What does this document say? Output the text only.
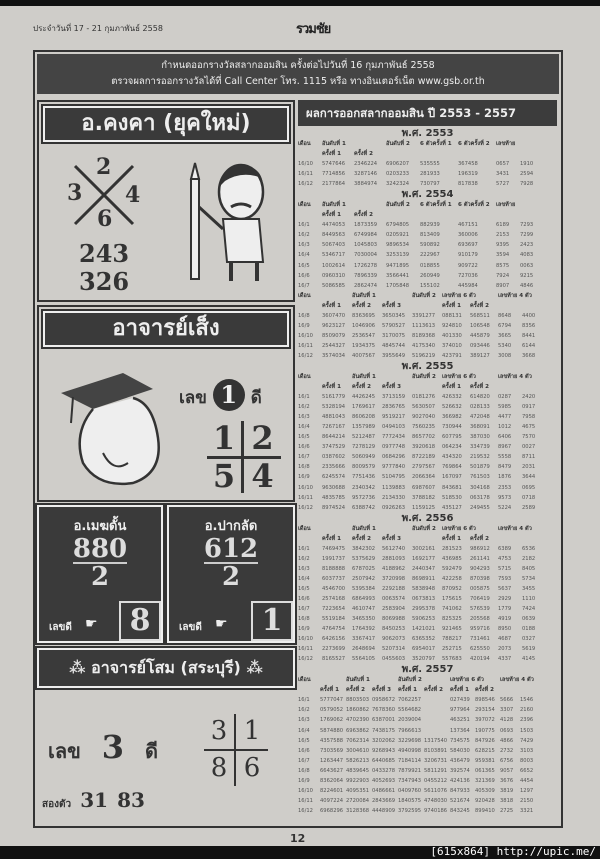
ประจำวันที่ 17 - 21 กุมภาพันธ์ 2558	รวมชัย
กำหนดออกรางวัลสลากออมสิน ครั้งต่อไปวันที่ 16 กุมภาพันธ์ 2558
ตรวจผลการออกรางวัลได้ที่ Call Center โทร. 1115 หรือ ทางอินเตอร์เน็ต www.gsb.or.th
อ.คงคา (ยุคใหม่)
2
3 4
6
243
326
อาจารย์เส็ง
เลข 1 ดี
1 2
5 4
อ.เมฆดั้น
880
2
เลขดี ☛	8
อ.ปากลัด
612
2
เลขดี ☛	1
⁂ อาจารย์โสม (สระบุรี) ⁂
เลข 3 ดี
สองตัว 31 83
3 1
8 6
ผลการออกสลากออมสิน ปี 2553 - 2557
พ.ศ. 2553
เดือน	อันดับที่ 1	อันดับที่ 2	6 ตัวครั้งที่ 1	6 ตัวครั้งที่ 2	เลขท้าย
ครั้งที่ 1	ครั้งที่ 2
16/10	5747646	2346224	6906207	535555	367458	0657	1910
16/11	7714856	3287146	0203233	281933	196319	3431	2594
16/12	2177864	3884974	3242324	730797	817838	5727	7928
พ.ศ. 2554
เดือน	อันดับที่ 1	อันดับที่ 2	6 ตัวครั้งที่ 1	6 ตัวครั้งที่ 2	เลขท้าย
ครั้งที่ 1	ครั้งที่ 2
16/1	4474053	1873359	6794805	882939	467151	6189	7293
16/2	8449563	6749984	0205921	813409	360006	2153	7299
16/3	5067403	1045803	9896534	590892	693697	9395	2423
16/4	5346717	7030004	3253139	222967	910179	3594	4083
16/5	1002614	1726278	9471895	018855	909722	8575	0063
16/6	0960310	7896339	3566441	260949	727036	7924	9215
16/7	5086585	2862474	1705848	155102	445984	8907	4846
เดือน	อันดับที่ 1	อันดับที่ 2	เลขท้าย 6 ตัว	เลขท้าย 4 ตัว
ครั้งที่ 1	ครั้งที่ 2	ครั้งที่ 3	ครั้งที่ 1	ครั้งที่ 2
16/8	3607470	8363695	3650345	3391277	088131	568511	8648	4400
16/9	9623127	1046906	5790527	1113613	924810	106548	6794	8356
16/10	8509079	2536547	3170075	8189368	401330	445879	3665	8441
16/11	2544327	1934375	4845744	4175340	374010	093446	5340	6144
16/12	3574034	4007567	3955649	5196219	423791	389127	3008	3668
พ.ศ. 2555
เดือน	อันดับที่ 1	อันดับที่ 2	เลขท้าย 6 ตัว	เลขท้าย 4 ตัว
ครั้งที่ 1	ครั้งที่ 2	ครั้งที่ 3	ครั้งที่ 1	ครั้งที่ 2
16/1	5161779	4426245	3713159	0181276	426332	614820	0287	2420
16/2	5328194	1769617	2836765	5630507	526632	028133	5985	0917
16/3	4881043	8606208	9519217	9027040	366982	472048	4477	7958
16/4	7267167	1357989	0494103	7560235	730944	368091	1012	4675
16/5	8644214	5212487	7772434	8657702	607795	387030	6406	7570
16/6	3747529	7278129	0977748	3920618	064234	334739	8967	0027
16/7	0387602	5060949	0684296	8722189	434320	219532	5558	8711
16/8	2335666	8009579	9777840	2797567	769864	501879	8479	2031
16/9	6245574	7751436	5104795	2066364	167097	761503	1876	3644
16/10	9630688	2340342	1139883	6987607	843681	304168	2353	0695
16/11	4835785	9572736	2134330	3788182	518530	063178	9573	0718
16/12	8974524	6388742	0926263	1159125	435127	249455	5224	2589
พ.ศ. 2556
เดือน	อันดับที่ 1	อันดับที่ 2	เลขท้าย 6 ตัว	เลขท้าย 4 ตัว
ครั้งที่ 1	ครั้งที่ 2	ครั้งที่ 3	ครั้งที่ 1	ครั้งที่ 2
16/1	7469475	3842302	5612740	3002161	281523	986912	6389	6536
16/2	1991737	5375629	2881093	1692177	436985	261141	4753	2182
16/3	8188888	6787025	4188962	2440347	592479	904293	5715	8405
16/4	6037737	2507942	3720998	8698911	422258	870398	7593	5734
16/5	4546700	5395384	2292188	5838948	870952	005875	5637	3455
16/6	2574168	6864993	0063574	0673813	175615	706419	2929	1110
16/7	7223654	4610747	2583904	2995378	741062	576539	1779	7424
16/8	5519184	3465350	8069988	5906253	825325	205568	4919	0639
16/9	4764754	1764392	8450253	1421021	921465	959716	8950	0188
16/10	6426156	3367417	9062073	6365352	788217	731461	4687	0327
16/11	2273699	2648694	5207314	6954017	252715	625550	2073	5619
16/12	8165527	5564105	0455603	3520797	557683	420194	4337	4145
พ.ศ. 2557
เดือน	อันดับที่ 1	อันดับที่ 2	เลขท้าย 6 ตัว	เลขท้าย 4 ตัว
ครั้งที่ 1	ครั้งที่ 2	ครั้งที่ 3	ครั้งที่ 1	ครั้งที่ 2	ครั้งที่ 1	ครั้งที่ 2
16/1	5777047 8803503 0958672 7062257	027439 898546 5666	1546
16/2	0579052 1860862 7678360 5564682	977964 293154 3307	2160
16/3	1769062 4702390 6387001 2039004	463251 397072 4128	2396
16/4	5874880 6963862 7438175 7966613	137364 190775 0693	1503
16/5	4357588 7062314 3202062 3229698 1317540 734575 847926 4866	7429
16/6	7303569 3004610 9268943 4940998 8103891 584030 628215 2732	3103
16/7	1263447 5826213 6440685 7184114 3206731 436479 959381 6756	8003
16/8	6643627 4839645 0433278 7879921 5811291 392574 061365 9057	6652
16/9	8362064 9922903 4052693 7347943 0455212 424136 321369 3676	4454
16/10	8224601 4095351 0486661 0409760 5611076 847933 405309 3819	1297
16/11	4097224 2720084 2843669 1840575 4748030 521674 920428 3818	2150
16/12	6968296 3128368 4448909 3792595 9740186 843245 899410 2725	3321
12
[615x864] http://upic.me/
